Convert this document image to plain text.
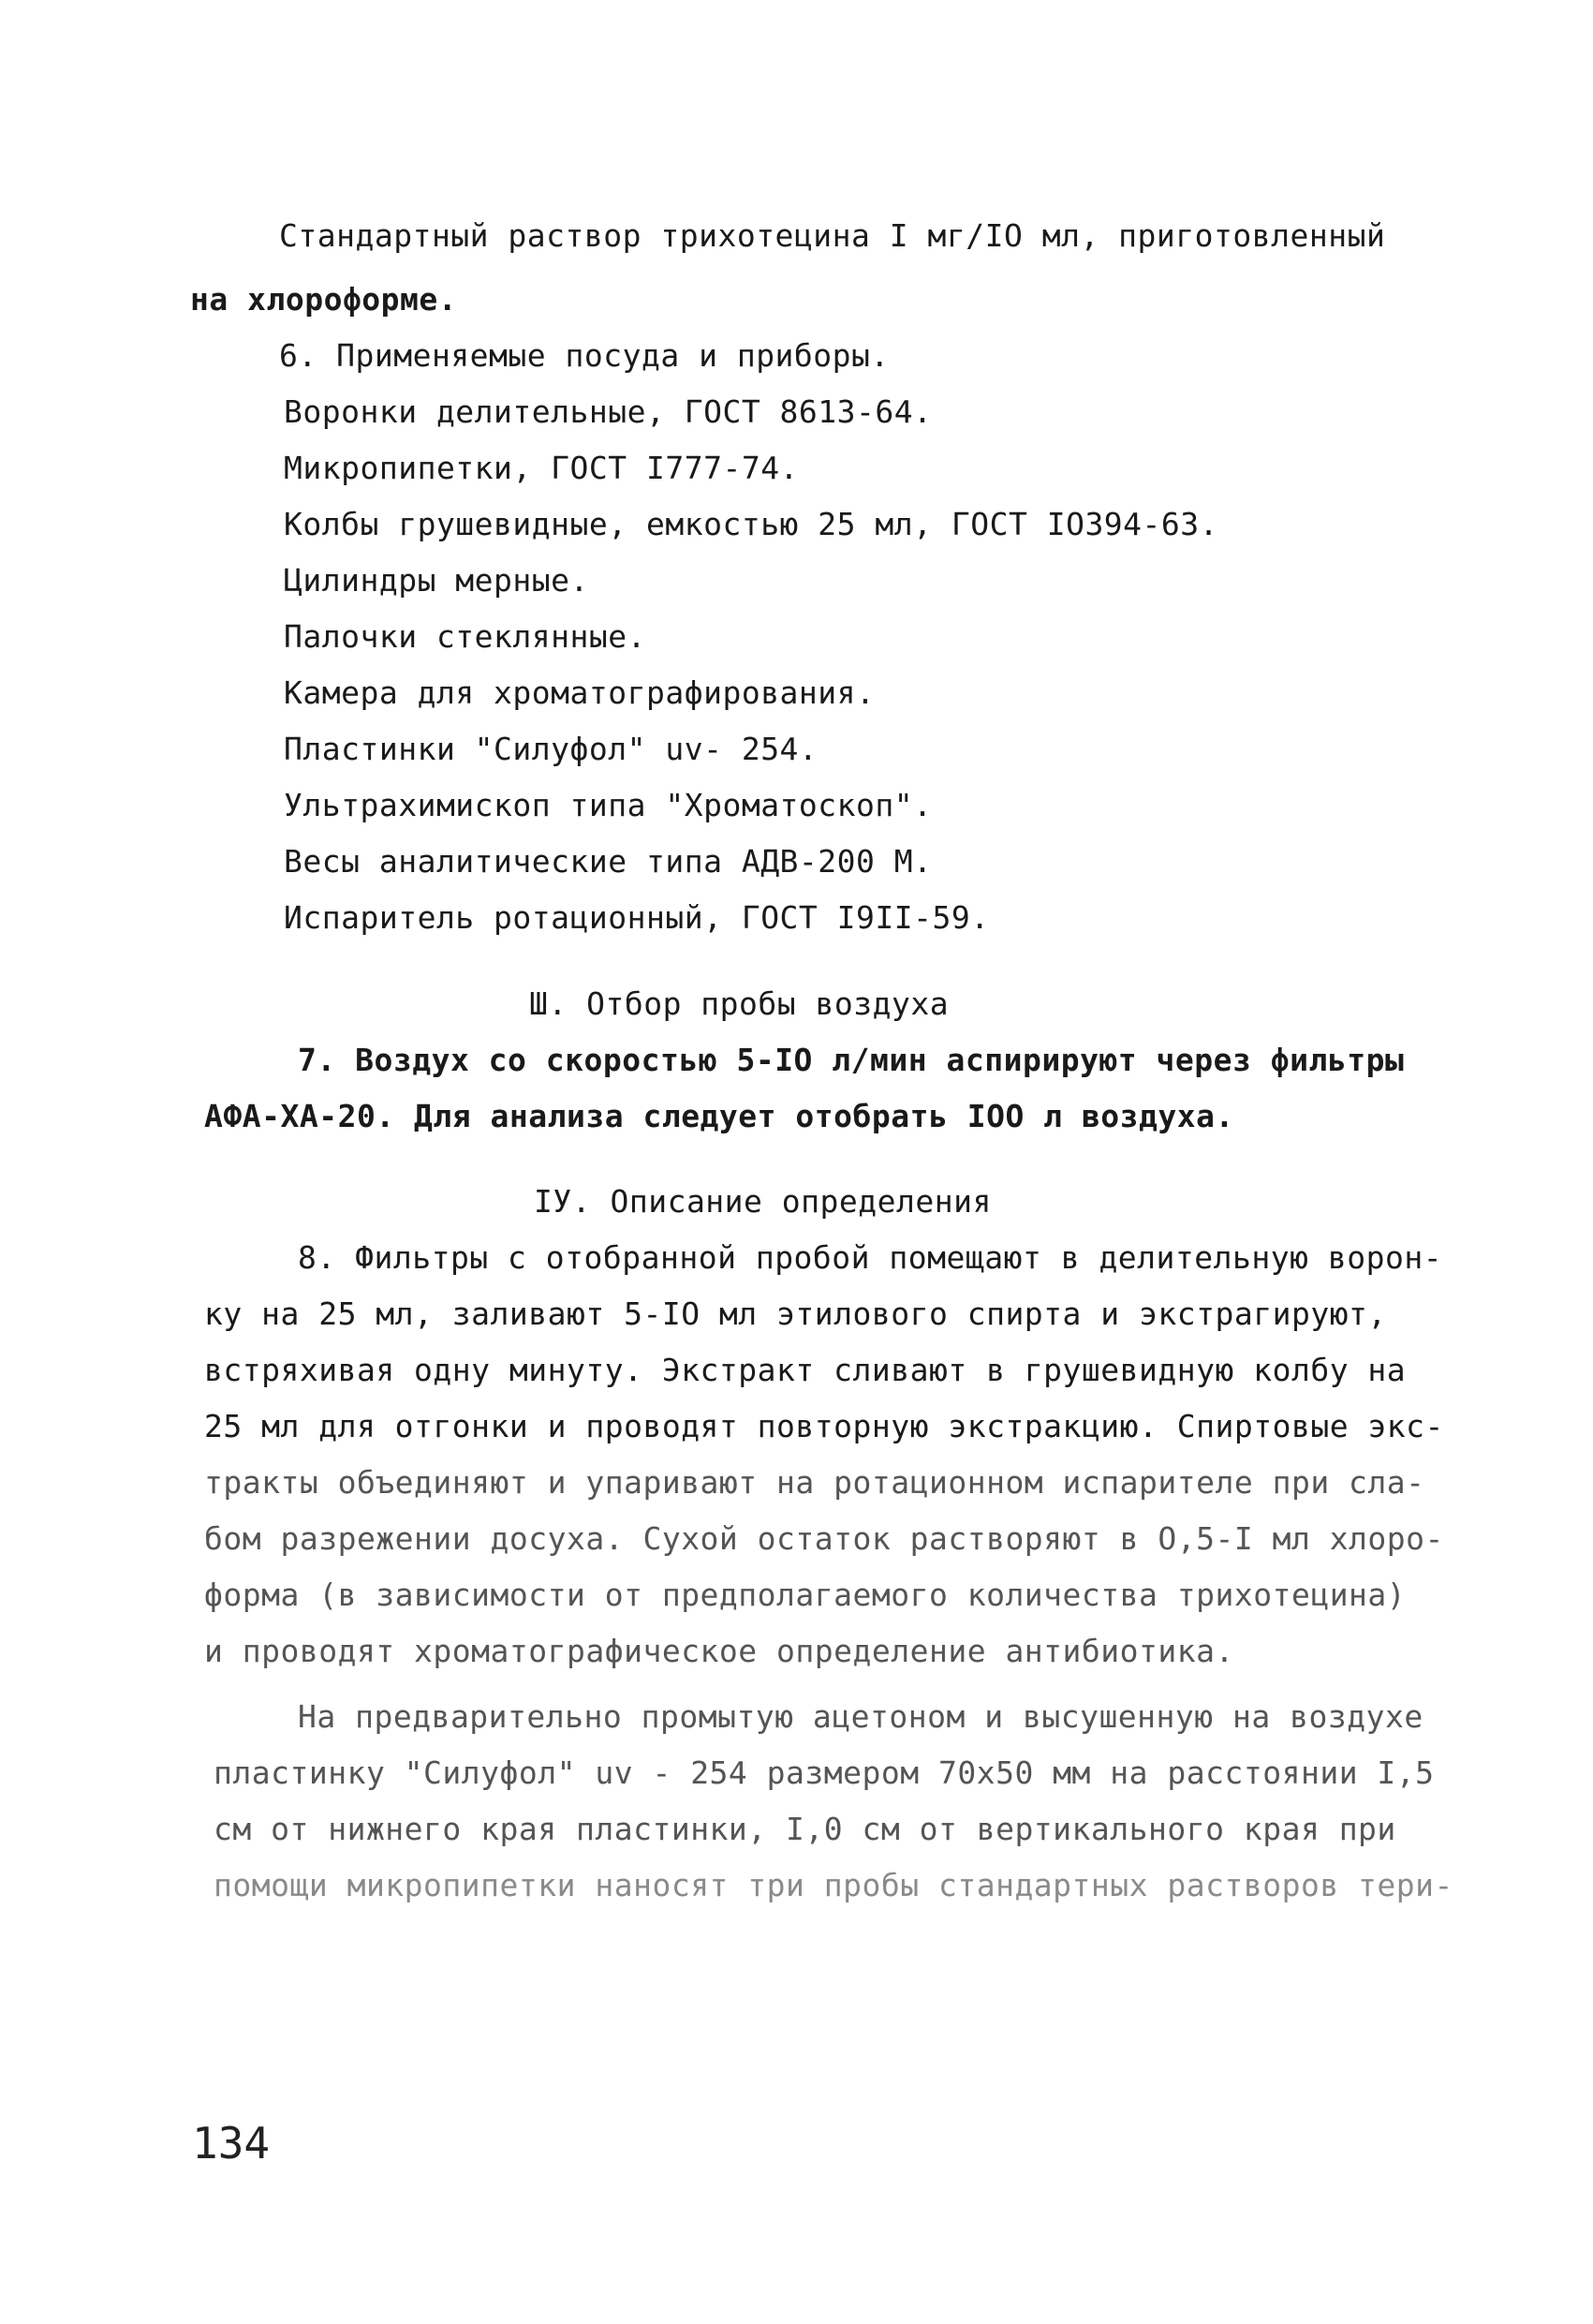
Стандартный раствор трихотецина I мг/IO мл, приготовленный
на хлороформе.
6. Применяемые посуда и приборы.
Воронки делительные, ГОСТ 8613-64.
Микропипетки, ГОСТ I777-74.
Колбы грушевидные, емкостью 25 мл, ГОСТ IO394-63.
Цилиндры мерные.
Палочки стеклянные.
Камера для хроматографирования.
Пластинки "Силуфол" uv- 254.
Ультрахимископ типа "Хроматоскоп".
Весы аналитические типа АДВ-200 М.
Испаритель ротационный, ГОСТ I9II-59.
Ш. Отбор пробы воздуха
7. Воздух со скоростью 5-IO л/мин аспирируют через фильтры
АФА-ХА-20. Для анализа следует отобрать IOO л воздуха.
IУ. Описание определения
8. Фильтры с отобранной пробой помещают в делительную ворон-
ку на 25 мл, заливают 5-IO мл этилового спирта и экстрагируют,
встряхивая одну минуту. Экстракт сливают в грушевидную колбу на
25 мл для отгонки и проводят повторную экстракцию. Спиртовые экс-
тракты объединяют и упаривают на ротационном испарителе при сла-
бом разрежении досуха. Сухой остаток растворяют в О,5-I мл хлоро-
форма (в зависимости от предполагаемого количества трихотецина)
и проводят хроматографическое определение антибиотика.
На предварительно промытую ацетоном и высушенную на воздухе
пластинку "Силуфол" uv - 254 размером 70х50 мм на расстоянии I,5
см от нижнего края пластинки, I,0 см от вертикального края при
помощи микропипетки наносят три пробы стандартных растворов тери-
134
